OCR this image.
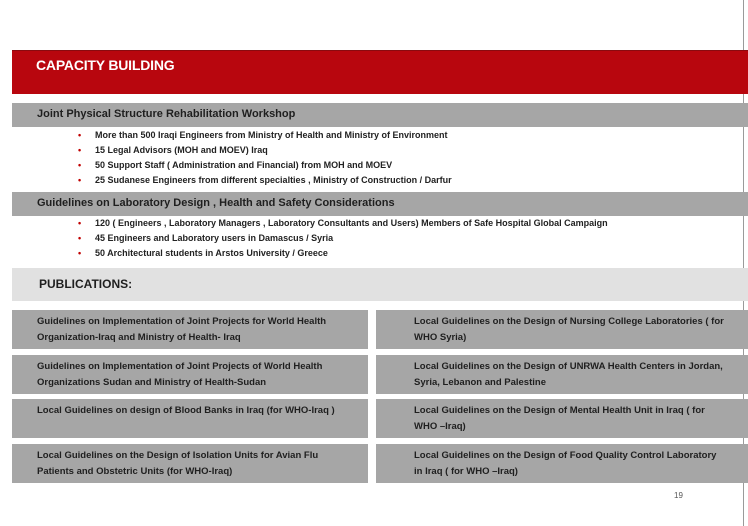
CAPACITY BUILDING
Joint Physical Structure Rehabilitation Workshop
• More than 500 Iraqi Engineers from Ministry of Health and Ministry of Environment
• 15 Legal Advisors (MOH and MOEV) Iraq
• 50 Support Staff ( Administration and Financial) from MOH and MOEV
• 25 Sudanese Engineers from different specialties , Ministry of Construction / Darfur
Guidelines on Laboratory Design , Health and Safety Considerations
• 120 ( Engineers , Laboratory Managers , Laboratory Consultants and Users) Members of Safe Hospital Global Campaign
• 45 Engineers and Laboratory users in Damascus / Syria
• 50 Architectural students in Arstos University / Greece
PUBLICATIONS:
Guidelines on Implementation of Joint Projects for World Health
Organization-Iraq and Ministry of Health- Iraq
Guidelines on Implementation of Joint Projects of World Health
Organizations Sudan and Ministry of Health-Sudan
Local Guidelines on design of Blood Banks in Iraq (for WHO-Iraq )
Local Guidelines on the Design of Isolation Units for Avian Flu
Patients and Obstetric Units (for WHO-Iraq)
Local Guidelines on the Design of Nursing College Laboratories ( for
WHO Syria)
Local Guidelines on the Design of UNRWA Health Centers in Jordan,
Syria, Lebanon and Palestine
Local Guidelines on the Design of Mental Health Unit in Iraq ( for
WHO –Iraq)
Local Guidelines on the Design of Food Quality Control Laboratory
in Iraq ( for WHO –Iraq)
19
